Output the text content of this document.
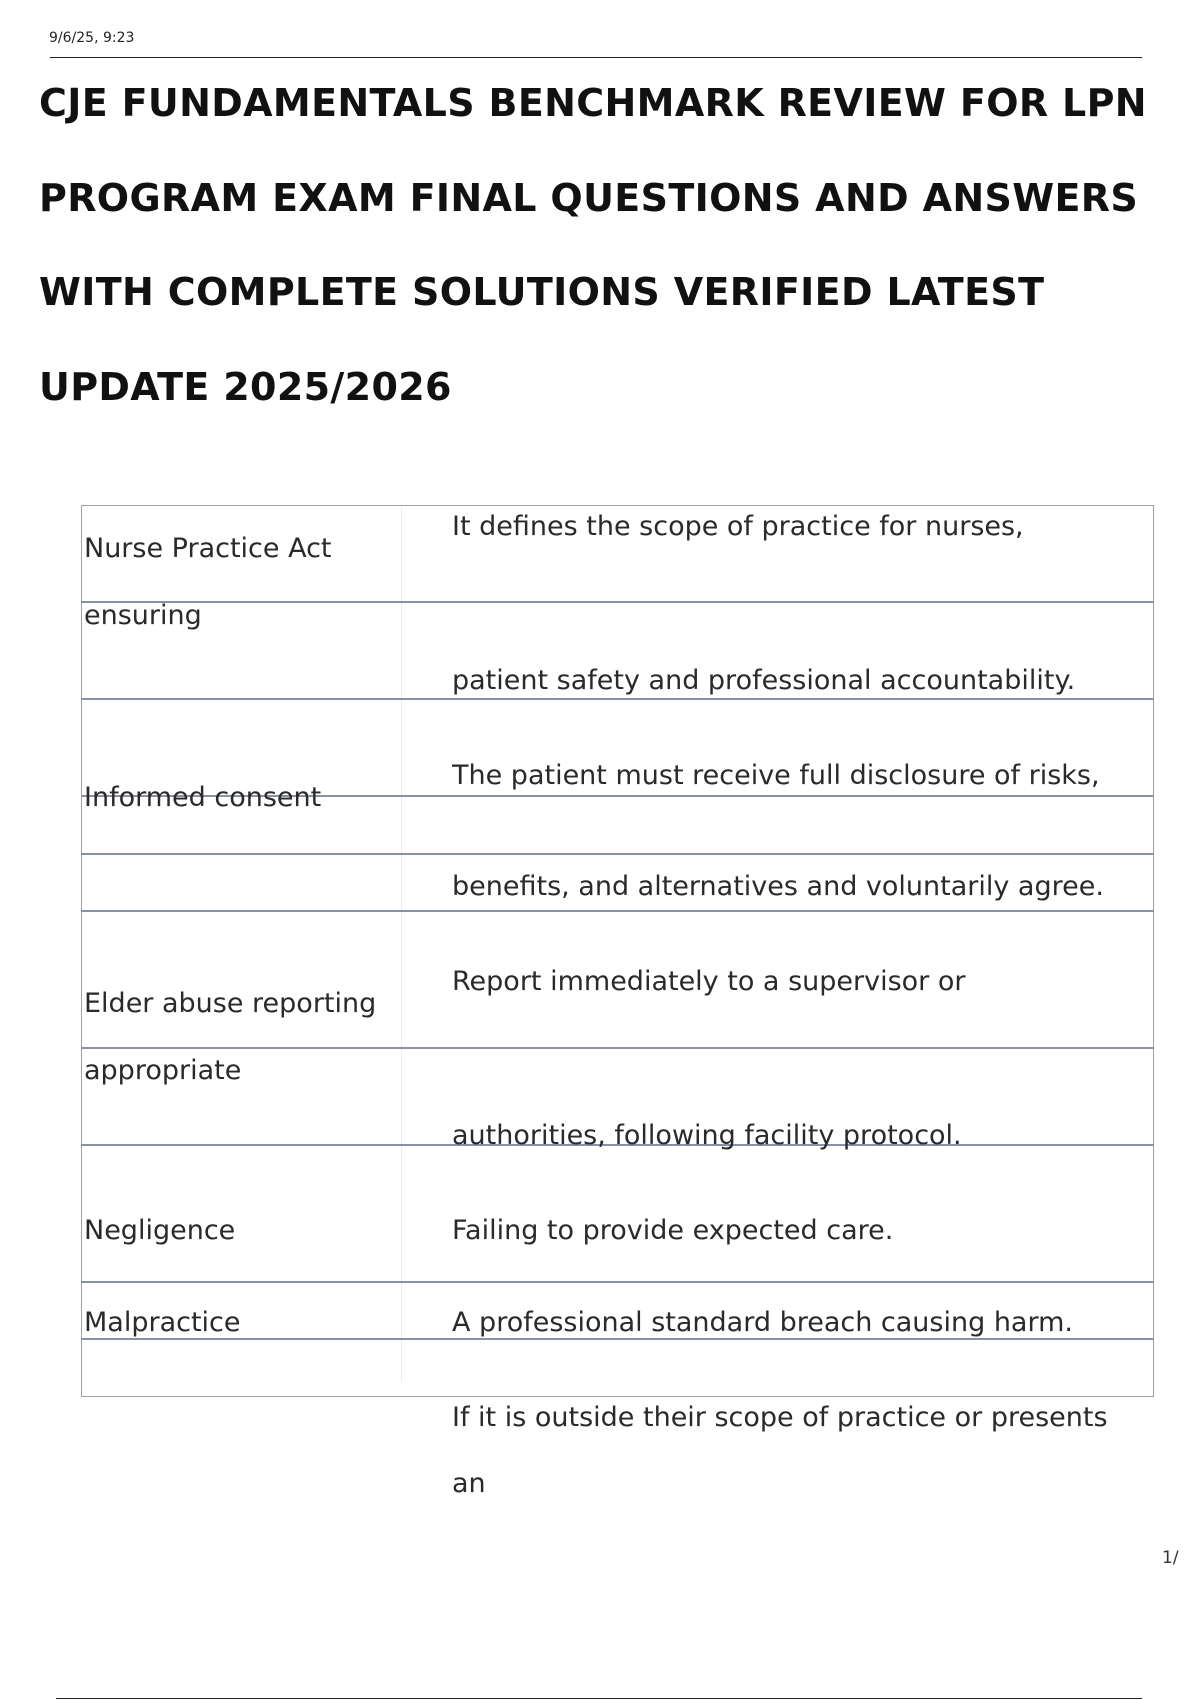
9/6/25, 9:23
CJE FUNDAMENTALS BENCHMARK REVIEW FOR LPN PROGRAM EXAM FINAL QUESTIONS AND ANSWERS WITH COMPLETE SOLUTIONS VERIFIED LATEST UPDATE 2025/2026
Nurse Practice Act
It defines the scope of practice for nurses,
ensuring
patient safety and professional accountability.
Informed consent
The patient must receive full disclosure of risks,
benefits, and alternatives and voluntarily agree.
Elder abuse reporting
Report immediately to a supervisor or
appropriate
authorities, following facility protocol.
Negligence	Failing to provide expected care.
Malpractice	A professional standard breach causing harm.
If it is outside their scope of practice or presents
an
1/
